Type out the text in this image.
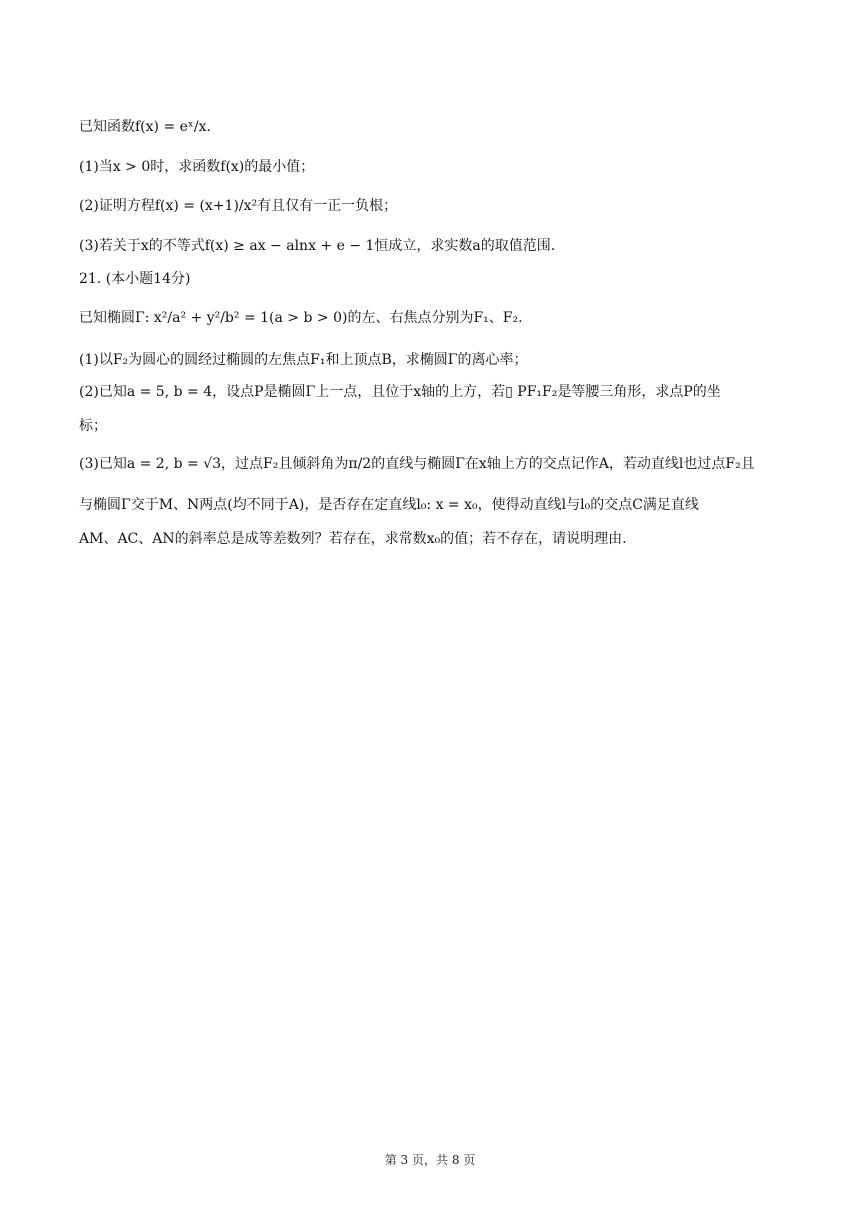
已知函数f(x) = eˣ/x.
(1)当x > 0时，求函数f(x)的最小值；
(2)证明方程f(x) = (x+1)/x²有且仅有一正一负根；
(3)若关于x的不等式f(x) ≥ ax − alnx + e − 1恒成立，求实数a的取值范围.
21. (本小题14分)
已知椭圆Γ: x²/a² + y²/b² = 1(a > b > 0)的左、右焦点分别为F₁、F₂.
(1)以F₂为圆心的圆经过椭圆的左焦点F₁和上顶点B，求椭圆Γ的离心率；
(2)已知a = 5, b = 4，设点P是椭圆Γ上一点，且位于x轴的上方，若▯ PF₁F₂是等腰三角形，求点P的坐
标；
(3)已知a = 2, b = √3，过点F₂且倾斜角为π/2的直线与椭圆Γ在x轴上方的交点记作A，若动直线l也过点F₂且
与椭圆Γ交于M、N两点(均不同于A)，是否存在定直线l₀: x = x₀，使得动直线l与l₀的交点C满足直线
AM、AC、AN的斜率总是成等差数列？若存在，求常数x₀的值；若不存在，请说明理由.
第 3 页，共 8 页
